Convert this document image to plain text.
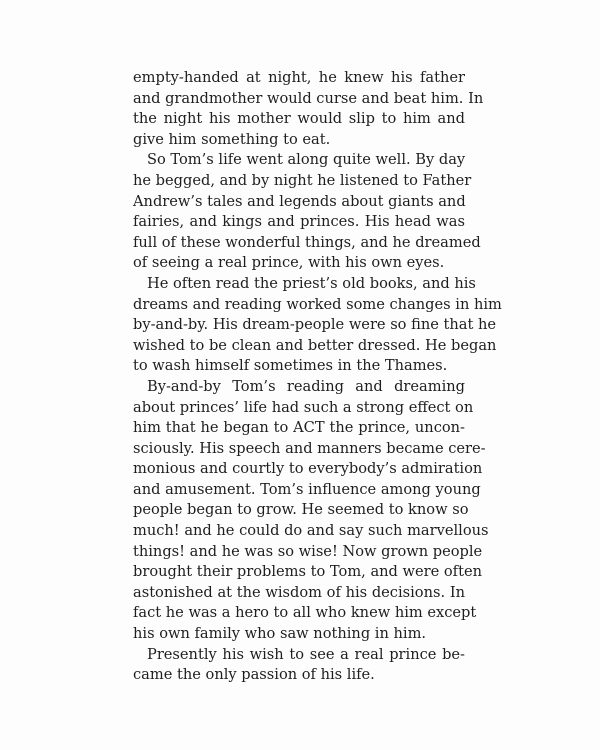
empty-handed at night, he knew his father
and grandmother would curse and beat him. In
the night his mother would slip to him and
give him something to eat.
So Tom’s life went along quite well. By day
he begged, and by night he listened to Father
Andrew’s tales and legends about giants and
fairies, and kings and princes. His head was
full of these wonderful things, and he dreamed
of seeing a real prince, with his own eyes.
He often read the priest’s old books, and his
dreams and reading worked some changes in him
by-and-by. His dream-people were so fine that he
wished to be clean and better dressed. He began
to wash himself sometimes in the Thames.
By-and-by Tom’s reading and dreaming
about princes’ life had such a strong effect on
him that he began to ACT the prince, uncon-
sciously. His speech and manners became cere-
monious and courtly to everybody’s admiration
and amusement. Tom’s influence among young
people began to grow. He seemed to know so
much! and he could do and say such marvellous
things! and he was so wise! Now grown people
brought their problems to Tom, and were often
astonished at the wisdom of his decisions. In
fact he was a hero to all who knew him except
his own family who saw nothing in him.
Presently his wish to see a real prince be-
came the only passion of his life.
